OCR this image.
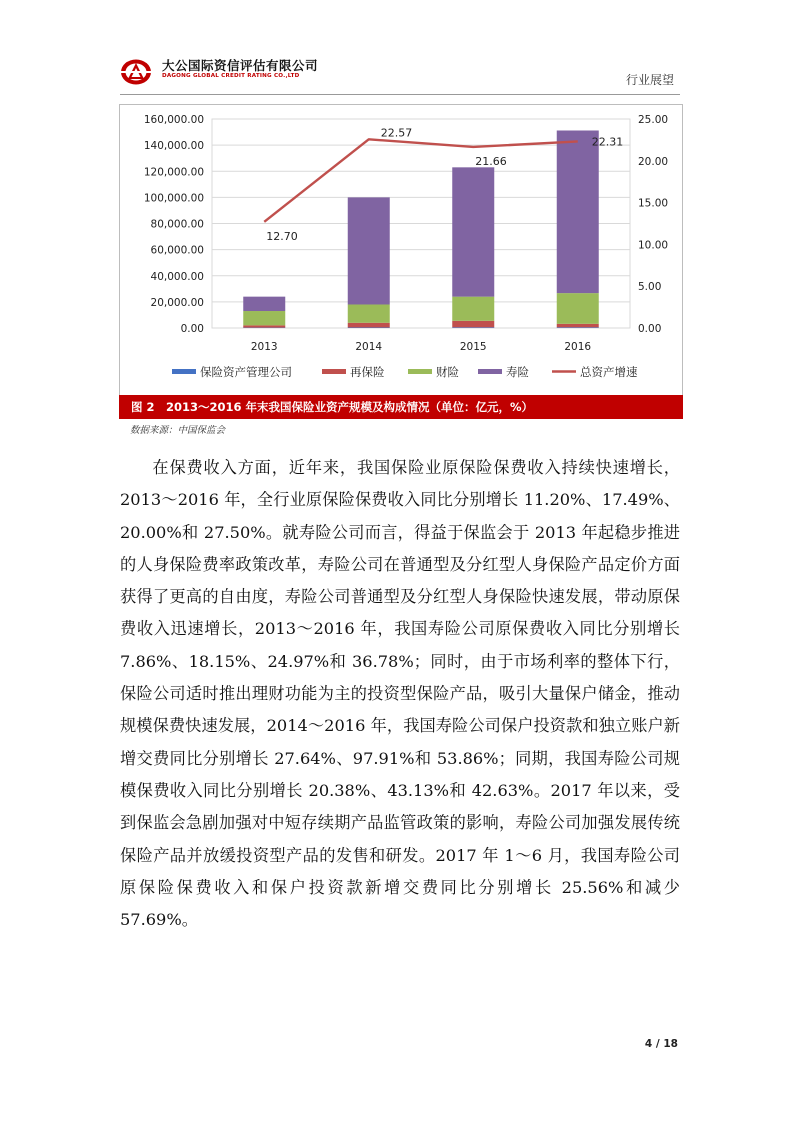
大公国际资信评估有限公司
DAGONG GLOBAL CREDIT RATING CO.,LTD	行业展望
0.00
20,000.00
40,000.00
60,000.00
80,000.00
100,000.00
120,000.00
140,000.00
160,000.00
0.00
5.00
10.00
15.00
20.00
25.00
2013	2014	2015	2016
12.70
22.57
21.66
22.31
保险资产管理公司	再保险	财险	寿险	总资产增速
图 2　2013～2016 年末我国保险业资产规模及构成情况（单位：亿元，%）
数据来源：中国保监会

在保费收入方面，近年来，我国保险业原保险保费收入持续快速增长，2013～2016 年，全行业原保险保费收入同比分别增长 11.20%、17.49%、20.00%和 27.50%。就寿险公司而言，得益于保监会于 2013 年起稳步推进的人身保险费率政策改革，寿险公司在普通型及分红型人身保险产品定价方面获得了更高的自由度，寿险公司普通型及分红型人身保险快速发展，带动原保费收入迅速增长，2013～2016 年，我国寿险公司原保费收入同比分别增长 7.86%、18.15%、24.97%和 36.78%；同时，由于市场利率的整体下行，保险公司适时推出理财功能为主的投资型保险产品，吸引大量保户储金，推动规模保费快速发展，2014～2016 年，我国寿险公司保户投资款和独立账户新增交费同比分别增长 27.64%、97.91%和 53.86%；同期，我国寿险公司规模保费收入同比分别增长 20.38%、43.13%和 42.63%。2017 年以来，受到保监会急剧加强对中短存续期产品监管政策的影响，寿险公司加强发展传统保险产品并放缓投资型产品的发售和研发。2017 年 1～6 月，我国寿险公司原保险保费收入和保户投资款新增交费同比分别增长 25.56%和减少 57.69%。

4 / 18
